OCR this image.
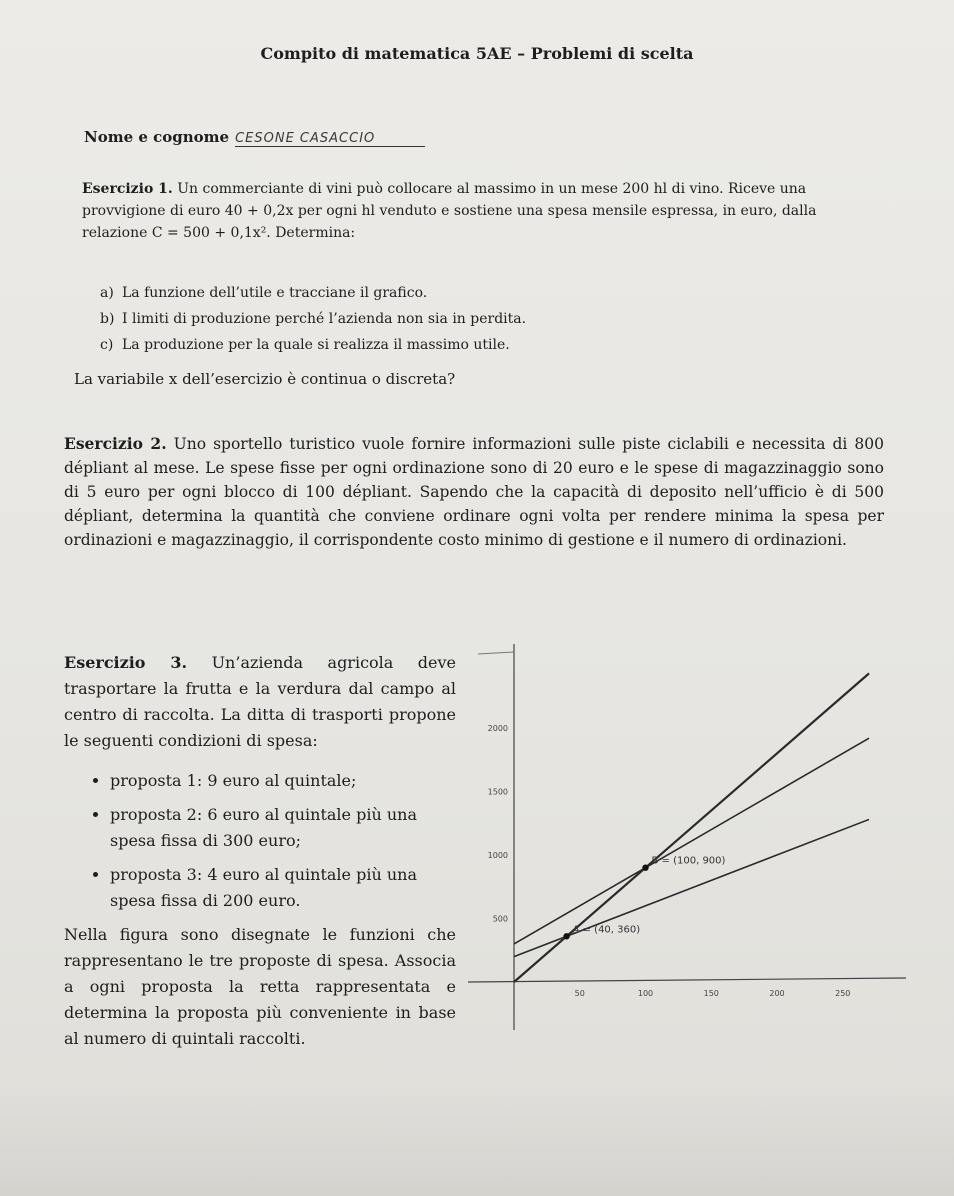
Compito di matematica 5AE – Problemi di scelta
Nome e cognome CESONE CASACCIO

Esercizio 1. Un commerciante di vini può collocare al massimo in un mese 200 hl di vino. Riceve una provvigione di euro 40 + 0,2x per ogni hl venduto e sostiene una spesa mensile espressa, in euro, dalla relazione C = 500 + 0,1x². Determina:

a) La funzione dell’utile e tracciane il grafico.
b) I limiti di produzione perché l’azienda non sia in perdita.
c) La produzione per la quale si realizza il massimo utile.

La variabile x dell’esercizio è continua o discreta?

Esercizio 2. Uno sportello turistico vuole fornire informazioni sulle piste ciclabili e necessita di 800 dépliant al mese. Le spese fisse per ogni ordinazione sono di 20 euro e le spese di magazzinaggio sono di 5 euro per ogni blocco di 100 dépliant. Sapendo che la capacità di deposito nell’ufficio è di 500 dépliant, determina la quantità che conviene ordinare ogni volta per rendere minima la spesa per ordinazioni e magazzinaggio, il corrispondente costo minimo di gestione e il numero di ordinazioni.

Esercizio 3. Un’azienda agricola deve trasportare la frutta e la verdura dal campo al centro di raccolta. La ditta di trasporti propone le seguenti condizioni di spesa:
• proposta 1: 9 euro al quintale;
• proposta 2: 6 euro al quintale più una spesa fissa di 300 euro;
• proposta 3: 4 euro al quintale più una spesa fissa di 200 euro.
Nella figura sono disegnate le funzioni che rappresentano le tre proposte di spesa. Associa a ogni proposta la retta rappresentata e determina la proposta più conveniente in base al numero di quintali raccolti.
50	100	150	200	250
500
1000
1500
2000
A = (40, 360)
B = (100, 900)
